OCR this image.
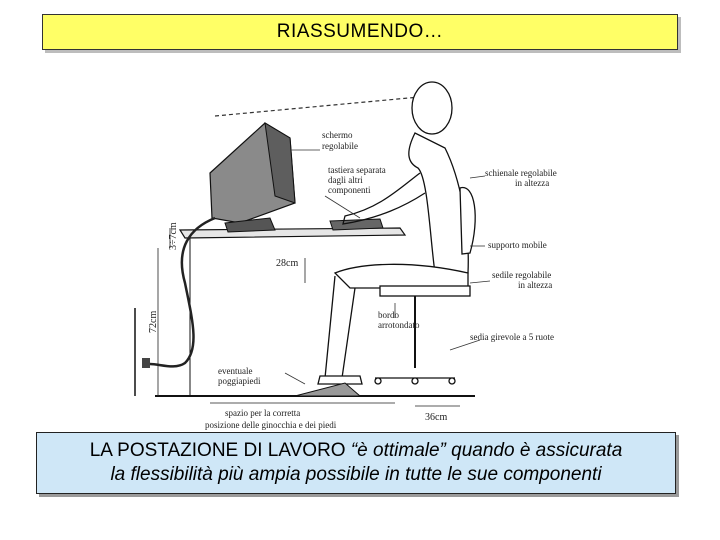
RIASSUMENDO…
schermo regolabile
tastiera separata dagli altri componenti
schienale regolabile in altezza
supporto mobile
sedile regolabile in altezza
bordo arrotondato
sedia girevole a 5 ruote
eventuale poggiapiedi
spazio per la corretta posizione delle ginocchia e dei piedi
3÷7cm
28cm
72cm
36cm
LA POSTAZIONE DI LAVORO “è ottimale” quando è assicurata
la flessibilità più ampia possibile in tutte le sue componenti
